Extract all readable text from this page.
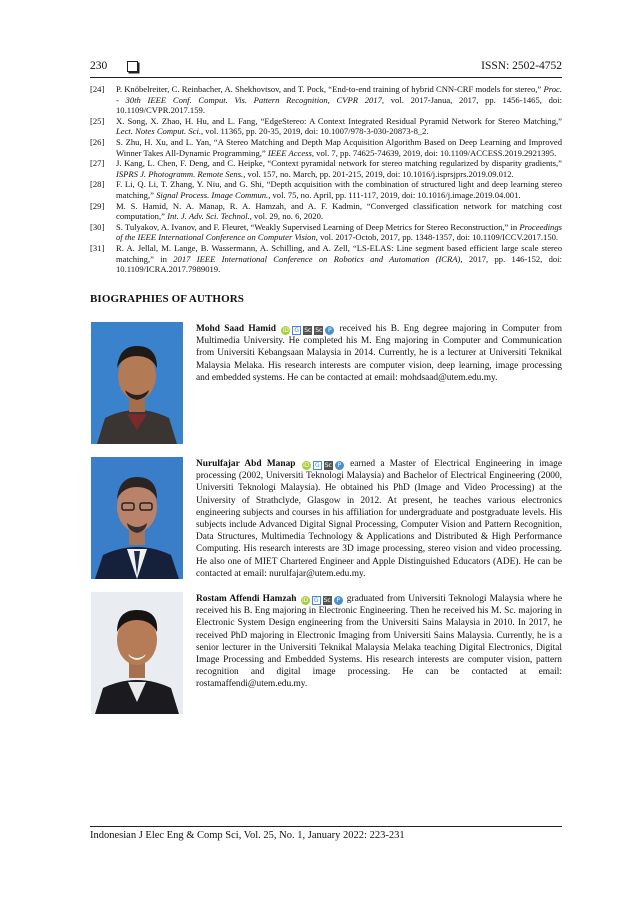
230	ISSN: 2502-4752

[24] P. Knöbelreiter, C. Reinbacher, A. Shekhovtsov, and T. Pock, “End-to-end training of hybrid CNN-CRF models for stereo,” Proc. - 30th IEEE Conf. Comput. Vis. Pattern Recognition, CVPR 2017, vol. 2017-Janua, 2017, pp. 1456-1465, doi: 10.1109/CVPR.2017.159.

[25] X. Song, X. Zhao, H. Hu, and L. Fang, “EdgeStereo: A Context Integrated Residual Pyramid Network for Stereo Matching,” Lect. Notes Comput. Sci., vol. 11365, pp. 20-35, 2019, doi: 10.1007/978-3-030-20873-8_2.

[26] S. Zhu, H. Xu, and L. Yan, “A Stereo Matching and Depth Map Acquisition Algorithm Based on Deep Learning and Improved Winner Takes All-Dynamic Programming,” IEEE Access, vol. 7, pp. 74625-74639, 2019, doi: 10.1109/ACCESS.2019.2921395.

[27] J. Kang, L. Chen, F. Deng, and C. Heipke, “Context pyramidal network for stereo matching regularized by disparity gradients,” ISPRS J. Photogramm. Remote Sens., vol. 157, no. March, pp. 201-215, 2019, doi: 10.1016/j.isprsjprs.2019.09.012.

[28] F. Li, Q. Li, T. Zhang, Y. Niu, and G. Shi, “Depth acquisition with the combination of structured light and deep learning stereo matching,” Signal Process. Image Commun., vol. 75, no. April, pp. 111-117, 2019, doi: 10.1016/j.image.2019.04.001.

[29] M. S. Hamid, N. A. Manap, R. A. Hamzah, and A. F. Kadmin, “Converged classification network for matching cost computation,” Int. J. Adv. Sci. Technol., vol. 29, no. 6, 2020.

[30] S. Tulyakov, A. Ivanov, and F. Fleuret, “Weakly Supervised Learning of Deep Metrics for Stereo Reconstruction,” in Proceedings of the IEEE International Conference on Computer Vision, vol. 2017-Octob, 2017, pp. 1348-1357, doi: 10.1109/ICCV.2017.150.

[31] R. A. Jellal, M. Lange, B. Wassermann, A. Schilling, and A. Zell, “LS-ELAS: Line segment based efficient large scale stereo matching,” in 2017 IEEE International Conference on Robotics and Automation (ICRA), 2017, pp. 146-152, doi: 10.1109/ICRA.2017.7989019.

BIOGRAPHIES OF AUTHORS
Mohd Saad Hamid iD G Sc Sc P received his B. Eng degree majoring in Computer from Multimedia University. He completed his M. Eng majoring in Computer and Communication from Universiti Kebangsaan Malaysia in 2014. Currently, he is a lecturer at Universiti Teknikal Malaysia Melaka. His research interests are computer vision, deep learning, image processing and embedded systems. He can be contacted at email: mohdsaad@utem.edu.my.
Nurulfajar Abd Manap iD G Sc P earned a Master of Electrical Engineering in image processing (2002, Universiti Teknologi Malaysia) and Bachelor of Electrical Engineering (2000, Universiti Teknologi Malaysia). He obtained his PhD (Image and Video Processing) at the University of Strathclyde, Glasgow in 2012. At present, he teaches various electronics engineering subjects and courses in his affiliation for undergraduate and postgraduate levels. His subjects include Advanced Digital Signal Processing, Computer Vision and Pattern Recognition, Data Structures, Multimedia Technology & Applications and Distributed & High Performance Computing. His research interests are 3D image processing, stereo vision and video processing. He also one of MIET Chartered Engineer and Apple Distinguished Educators (ADE). He can be contacted at email: nurulfajar@utem.edu.my.
Rostam Affendi Hamzah iD G Sc P graduated from Universiti Teknologi Malaysia where he received his B. Eng majoring in Electronic Engineering. Then he received his M. Sc. majoring in Electronic System Design engineering from the Universiti Sains Malaysia in 2010. In 2017, he received PhD majoring in Electronic Imaging from Universiti Sains Malaysia. Currently, he is a senior lecturer in the Universiti Teknikal Malaysia Melaka teaching Digital Electronics, Digital Image Processing and Embedded Systems. His research interests are computer vision, pattern recognition and digital image processing. He can be contacted at email: rostamaffendi@utem.edu.my.
Indonesian J Elec Eng & Comp Sci, Vol. 25, No. 1, January 2022: 223-231
